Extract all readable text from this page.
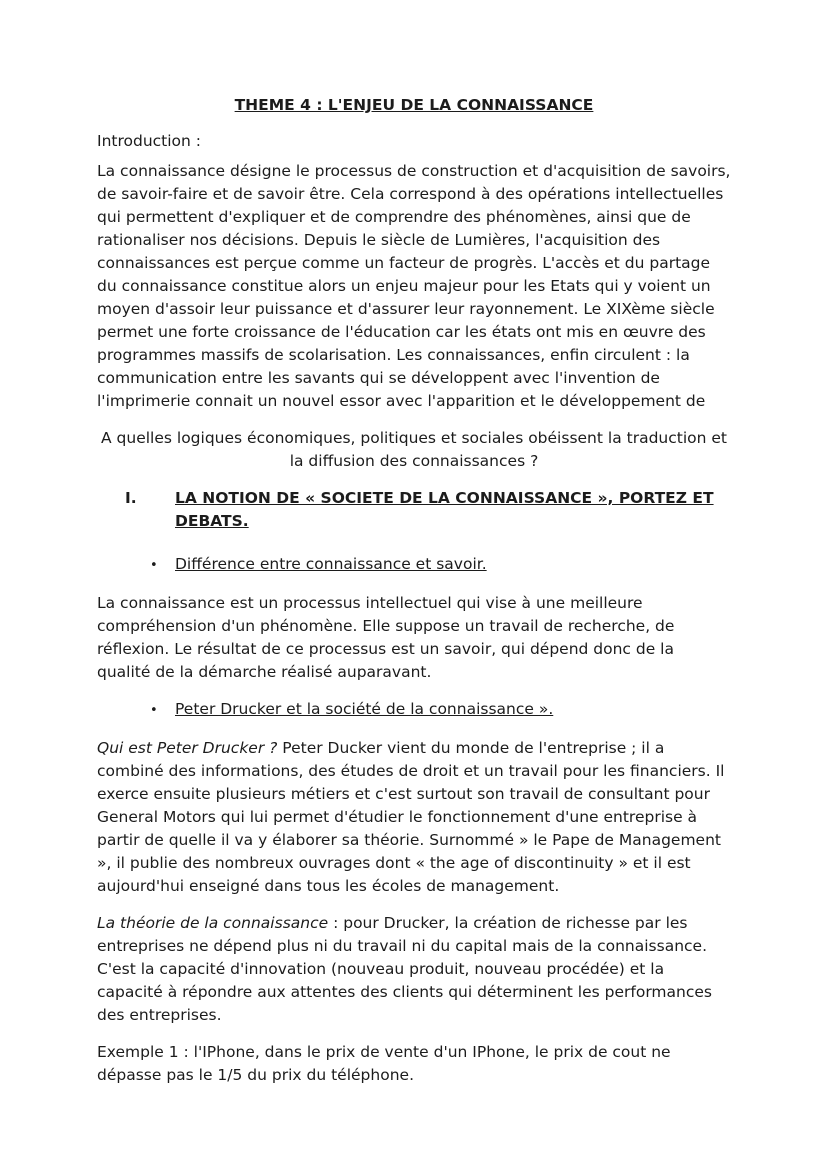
THEME 4 : L'ENJEU DE LA CONNAISSANCE

Introduction :

La connaissance désigne le processus de construction et d'acquisition de savoirs, de savoir-faire et de savoir être. Cela correspond à des opérations intellectuelles qui permettent d'expliquer et de comprendre des phénomènes, ainsi que de rationaliser nos décisions. Depuis le siècle de Lumières, l'acquisition des connaissances est perçue comme un facteur de progrès. L'accès et du partage du connaissance constitue alors un enjeu majeur pour les Etats qui y voient un moyen d'assoir leur puissance et d'assurer leur rayonnement. Le XIXème siècle permet une forte croissance de l'éducation car les états ont mis en œuvre des programmes massifs de scolarisation. Les connaissances, enfin circulent : la communication entre les savants qui se développent avec l'invention de l'imprimerie connait un nouvel essor avec l'apparition et le développement de

A quelles logiques économiques, politiques et sociales obéissent la traduction et la diffusion des connaissances ?

I.	LA NOTION DE « SOCIETE DE LA CONNAISSANCE », PORTEZ ET DEBATS.
•	Différence entre connaissance et savoir.

La connaissance est un processus intellectuel qui vise à une meilleure compréhension d'un phénomène. Elle suppose un travail de recherche, de réflexion. Le résultat de ce processus est un savoir, qui dépend donc de la qualité de la démarche réalisé auparavant.

•	Peter Drucker et la société de la connaissance ».

Qui est Peter Drucker ? Peter Ducker vient du monde de l'entreprise ; il a combiné des informations, des études de droit et un travail pour les financiers. Il exerce ensuite plusieurs métiers et c'est surtout son travail de consultant pour General Motors qui lui permet d'étudier le fonctionnement d'une entreprise à partir de quelle il va y élaborer sa théorie. Surnommé » le Pape de Management », il publie des nombreux ouvrages dont « the age of discontinuity » et il est aujourd'hui enseigné dans tous les écoles de management.

La théorie de la connaissance : pour Drucker, la création de richesse par les entreprises ne dépend plus ni du travail ni du capital mais de la connaissance. C'est la capacité d'innovation (nouveau produit, nouveau procédée) et la capacité à répondre aux attentes des clients qui déterminent les performances des entreprises.

Exemple 1 : l'IPhone, dans le prix de vente d'un IPhone, le prix de cout ne dépasse pas le 1/5 du prix du téléphone.
